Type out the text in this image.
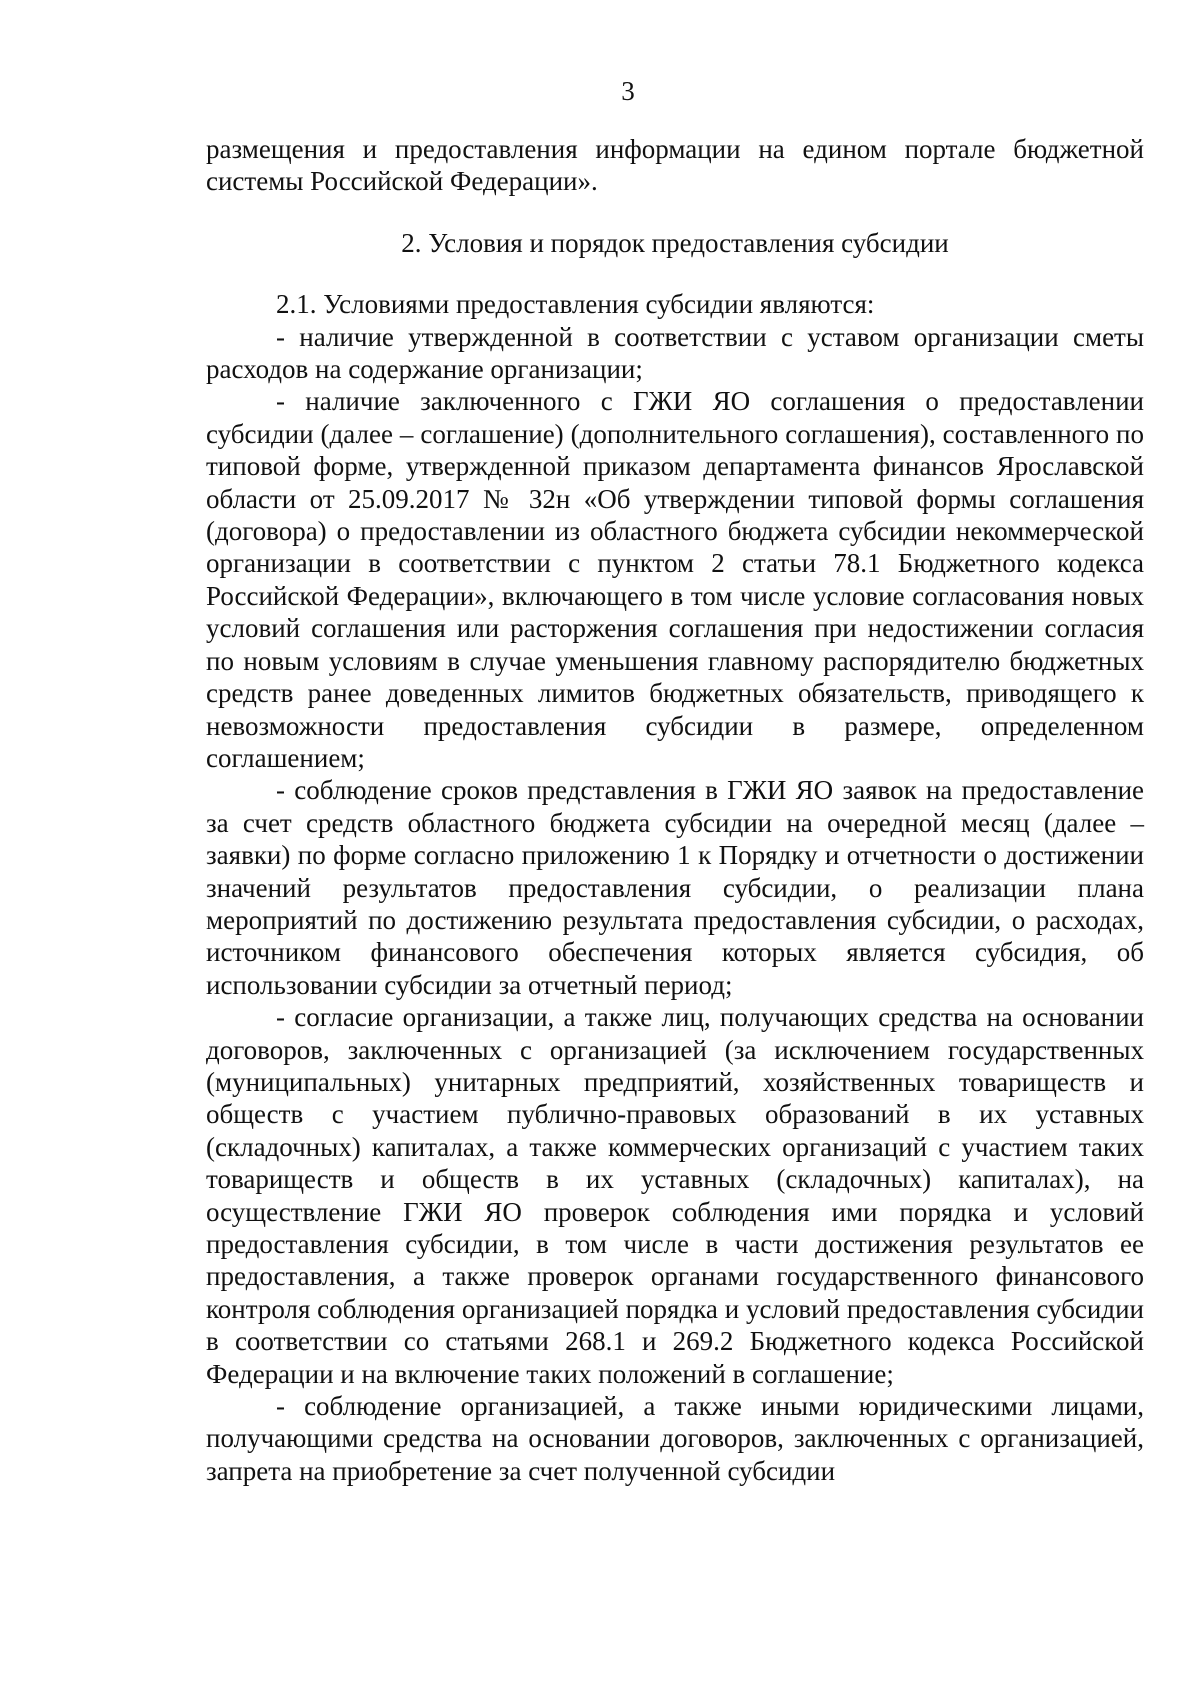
3

размещения и предоставления информации на едином портале бюджетной системы Российской Федерации».

2. Условия и порядок предоставления субсидии

2.1. Условиями предоставления субсидии являются:

- наличие утвержденной в соответствии с уставом организации сметы расходов на содержание организации;

- наличие заключенного с ГЖИ ЯО соглашения о предоставлении субсидии (далее – соглашение) (дополнительного соглашения), составленного по типовой форме, утвержденной приказом департамента финансов Ярославской области от 25.09.2017 № 32н «Об утверждении типовой формы соглашения (договора) о предоставлении из областного бюджета субсидии некоммерческой организации в соответствии с пунктом 2 статьи 78.1 Бюджетного кодекса Российской Федерации», включающего в том числе условие согласования новых условий соглашения или расторжения соглашения при недостижении согласия по новым условиям в случае уменьшения главному распорядителю бюджетных средств ранее доведенных лимитов бюджетных обязательств, приводящего к невозможности предоставления субсидии в размере, определенном соглашением;

- соблюдение сроков представления в ГЖИ ЯО заявок на предоставление за счет средств областного бюджета субсидии на очередной месяц (далее – заявки) по форме согласно приложению 1 к Порядку и отчетности о достижении значений результатов предоставления субсидии, о реализации плана мероприятий по достижению результата предоставления субсидии, о расходах, источником финансового обеспечения которых является субсидия, об использовании субсидии за отчетный период;

- согласие организации, а также лиц, получающих средства на основании договоров, заключенных с организацией (за исключением государственных (муниципальных) унитарных предприятий, хозяйственных товариществ и обществ с участием публично-правовых образований в их уставных (складочных) капиталах, а также коммерческих организаций с участием таких товариществ и обществ в их уставных (складочных) капиталах), на осуществление ГЖИ ЯО проверок соблюдения ими порядка и условий предоставления субсидии, в том числе в части достижения результатов ее предоставления, а также проверок органами государственного финансового контроля соблюдения организацией порядка и условий предоставления субсидии в соответствии со статьями 268.1 и 269.2 Бюджетного кодекса Российской Федерации и на включение таких положений в соглашение;

- соблюдение организацией, а также иными юридическими лицами, получающими средства на основании договоров, заключенных с организацией, запрета на приобретение за счет полученной субсидии
